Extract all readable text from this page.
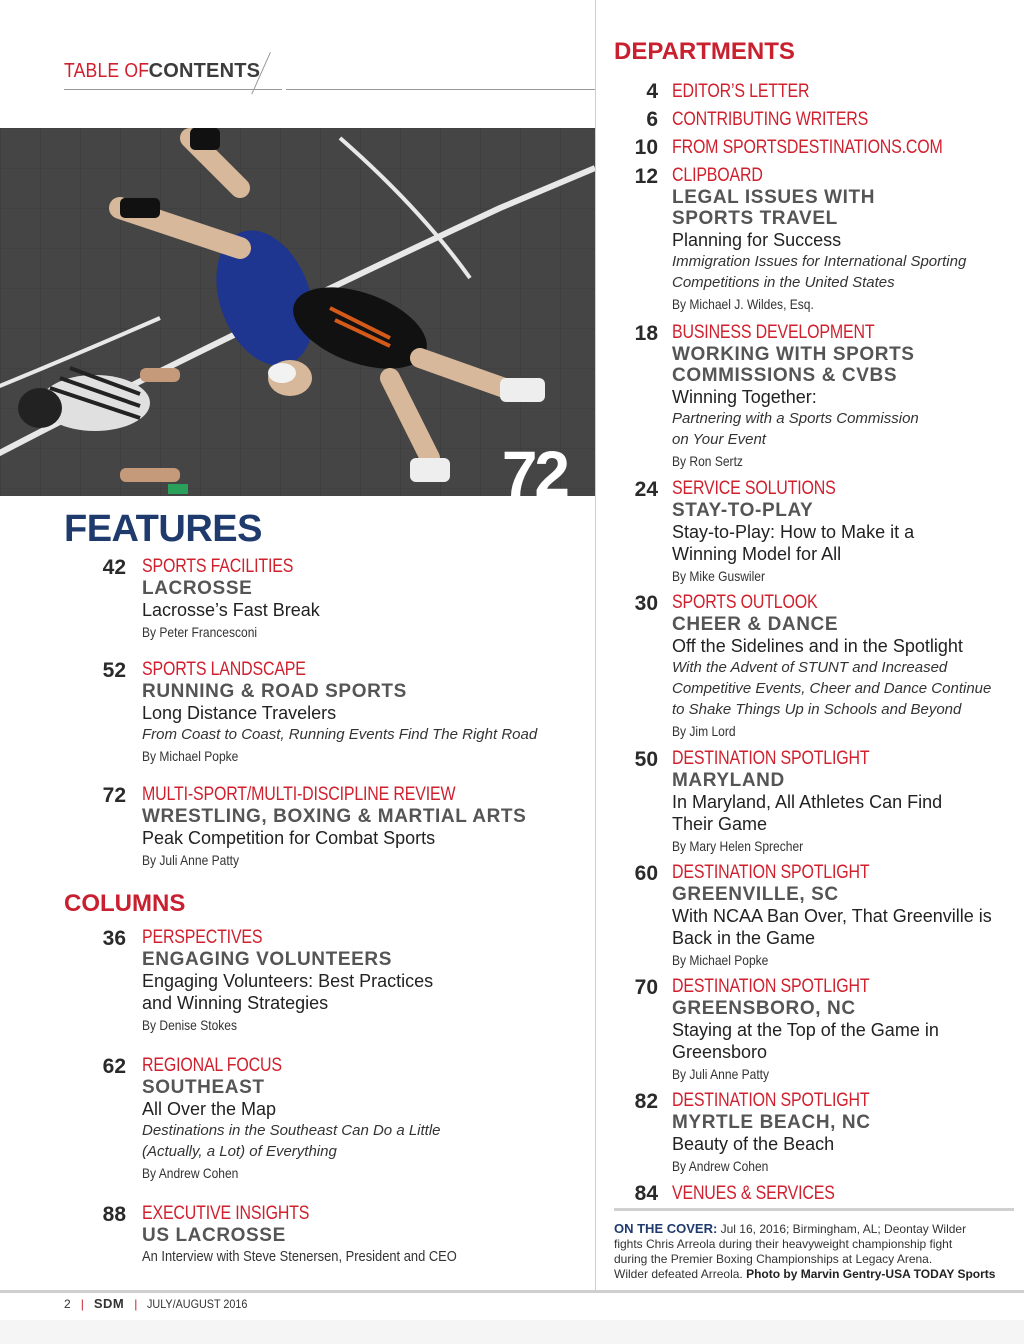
TABLE OF CONTENTS
72
FEATURES
42 SPORTS FACILITIES
LACROSSE
Lacrosse’s Fast Break
By Peter Francesconi
52 SPORTS LANDSCAPE
RUNNING & ROAD SPORTS
Long Distance Travelers
From Coast to Coast, Running Events Find The Right Road
By Michael Popke
72 MULTI-SPORT/MULTI-DISCIPLINE REVIEW
WRESTLING, BOXING & MARTIAL ARTS
Peak Competition for Combat Sports
By Juli Anne Patty
COLUMNS
36 PERSPECTIVES
ENGAGING VOLUNTEERS
Engaging Volunteers: Best Practices
and Winning Strategies
By Denise Stokes
62 REGIONAL FOCUS
SOUTHEAST
All Over the Map
Destinations in the Southeast Can Do a Little
(Actually, a Lot) of Everything
By Andrew Cohen
88 EXECUTIVE INSIGHTS
US LACROSSE
An Interview with Steve Stenersen, President and CEO
DEPARTMENTS
4 EDITOR’S LETTER
6 CONTRIBUTING WRITERS
10 FROM SPORTSDESTINATIONS.COM
12 CLIPBOARD
LEGAL ISSUES WITH
SPORTS TRAVEL
Planning for Success
Immigration Issues for International Sporting
Competitions in the United States
By Michael J. Wildes, Esq.
18 BUSINESS DEVELOPMENT
WORKING WITH SPORTS
COMMISSIONS & CVBS
Winning Together:
Partnering with a Sports Commission
on Your Event
By Ron Sertz
24 SERVICE SOLUTIONS
STAY-TO-PLAY
Stay-to-Play: How to Make it a
Winning Model for All
By Mike Guswiler
30 SPORTS OUTLOOK
CHEER & DANCE
Off the Sidelines and in the Spotlight
With the Advent of STUNT and Increased
Competitive Events, Cheer and Dance Continue
to Shake Things Up in Schools and Beyond
By Jim Lord
50 DESTINATION SPOTLIGHT
MARYLAND
In Maryland, All Athletes Can Find
Their Game
By Mary Helen Sprecher
60 DESTINATION SPOTLIGHT
GREENVILLE, SC
With NCAA Ban Over, That Greenville is
Back in the Game
By Michael Popke
70 DESTINATION SPOTLIGHT
GREENSBORO, NC
Staying at the Top of the Game in
Greensboro
By Juli Anne Patty
82 DESTINATION SPOTLIGHT
MYRTLE BEACH, NC
Beauty of the Beach
By Andrew Cohen
84 VENUES & SERVICES
ON THE COVER: Jul 16, 2016; Birmingham, AL; Deontay Wilder
fights Chris Arreola during their heavyweight championship fight
during the Premier Boxing Championships at Legacy Arena.
Wilder defeated Arreola. Photo by Marvin Gentry-USA TODAY Sports
2 | SDM | JULY/AUGUST 2016
